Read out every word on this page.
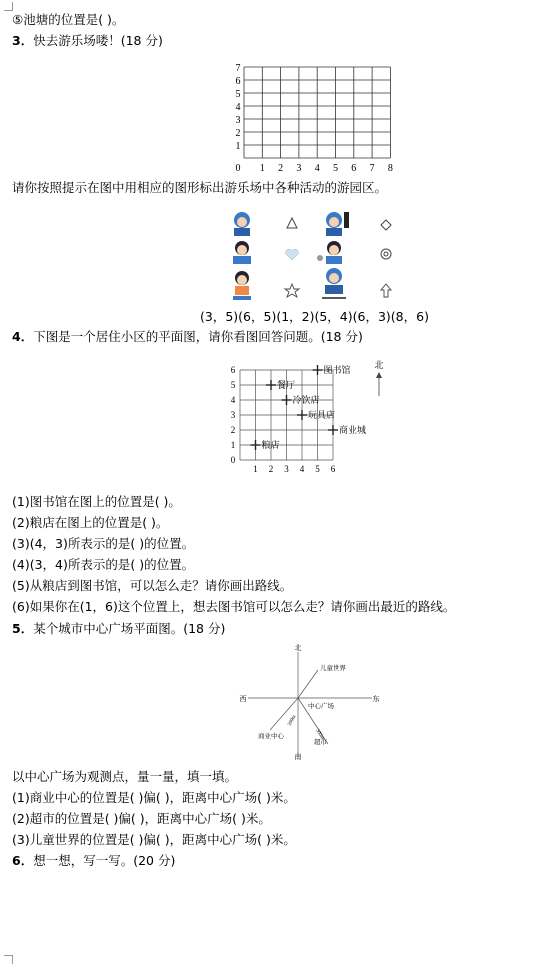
⑤池塘的位置是( )。
3．快去游乐场喽！(18 分)
0 1 2 3 4 5 6 7 8
1
2
3
4
5
6
7
请你按照提示在图中用相应的图形标出游乐场中各种活动的游园区。
(3，5)(6，5)(1，2)(5，4)(6，3)(8，6)
4．下图是一个居住小区的平面图，请你看图回答问题。(18 分)
1 2 3 4 5 6
0
1
2
3
4
5
6	图书馆
餐厅
冷饮店
玩具店
商业城
粮店
北
(1)图书馆在图上的位置是( )。
(2)粮店在图上的位置是( )。
(3)(4，3)所表示的是( )的位置。
(4)(3，4)所表示的是( )的位置。
(5)从粮店到图书馆，可以怎么走？请你画出路线。
(6)如果你在(1，6)这个位置上，想去图书馆可以怎么走？请你画出最近的路线。
5．某个城市中心广场平面图。(18 分)
北
南
西	东
中心广场
儿童世界
商业中心
超市
200m
300m
以中心广场为观测点，量一量，填一填。
(1)商业中心的位置是( )偏( )，距离中心广场( )米。
(2)超市的位置是( )偏( )，距离中心广场( )米。
(3)儿童世界的位置是( )偏( )，距离中心广场( )米。
6．想一想，写一写。(20 分)
